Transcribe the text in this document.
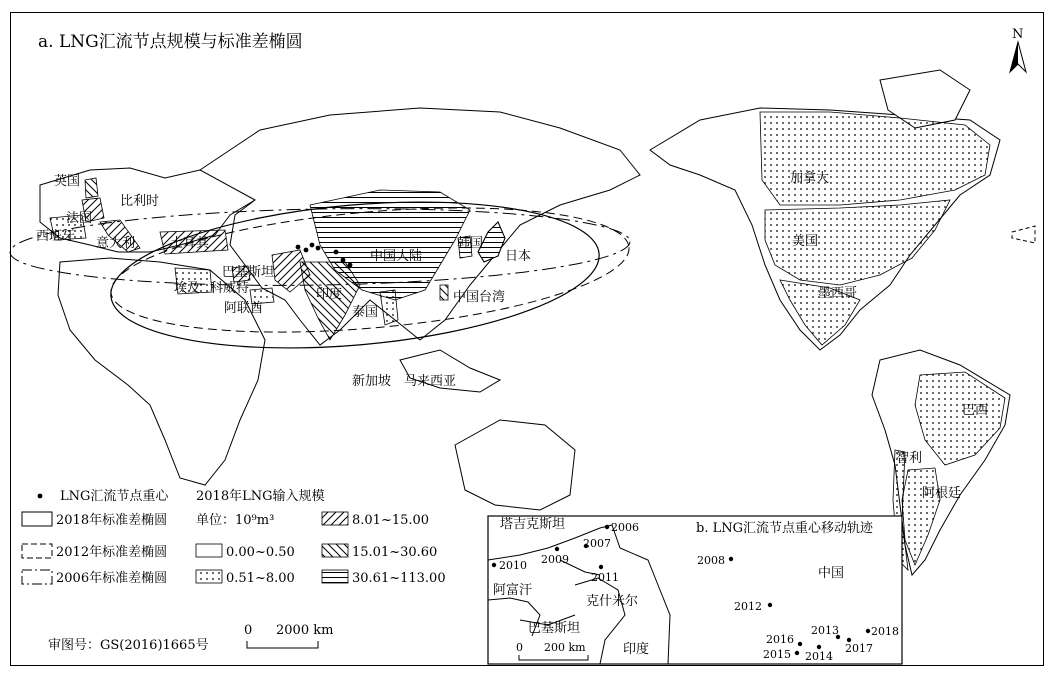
a. LNG汇流节点规模与标准差椭圆	N
英国
比利时
法国
西班牙 意大利	土耳其
巴基斯坦
中国大陆
韩国
日本
埃及 科威特
阿联酋
印度	中国台湾
泰国
新加坡 马来西亚
加拿大
美国
墨西哥
巴西
智利
阿根廷
LNG汇流节点重心 2018年LNG输入规模
2018年标准差椭圆
2012年标准差椭圆
2006年标准差椭圆
单位：10⁹m³
0.00~0.50
0.51~8.00
8.01~15.00
15.01~30.60
30.61~113.00
审图号：GS(2016)1665号
0 2000 km
b. LNG汇流节点重心移动轨迹
塔吉克斯坦
阿富汗
巴基斯坦
克什米尔
中国
印度
2006
2007
2009
2010
2011
2008
2012
2013
2014
2015
2016
2017
2018
0 200 km
